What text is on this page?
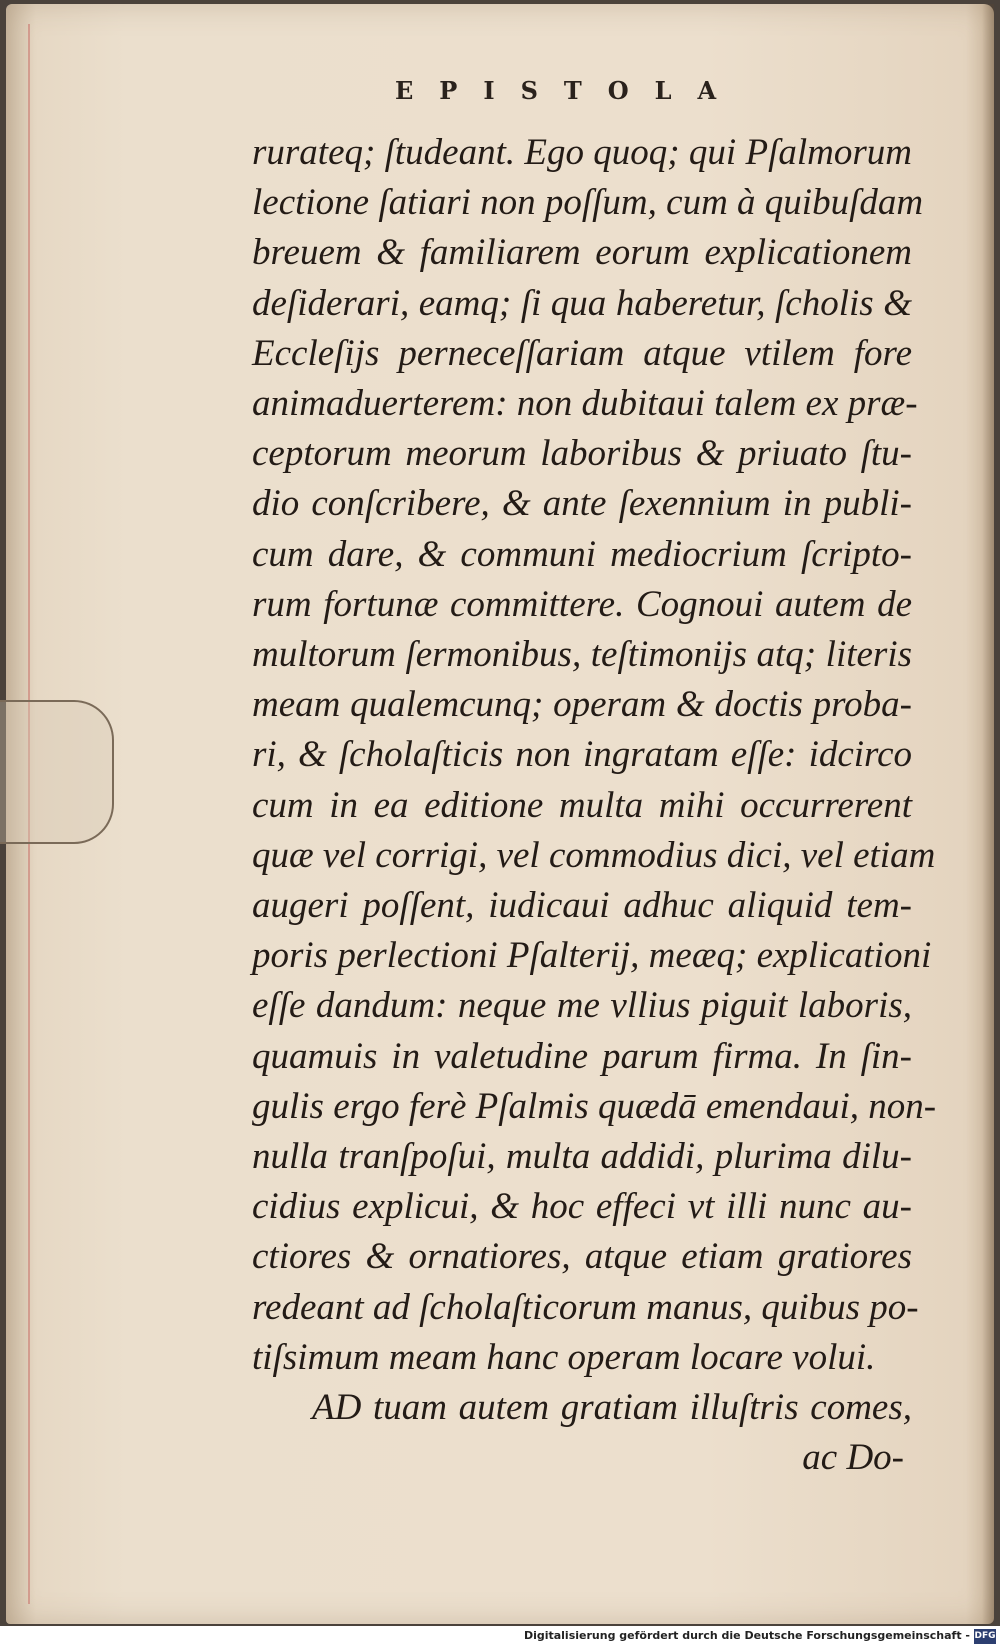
EPISTOLA
rurateq; ſtudeant. Ego quoq; qui Pſalmorum
lectione ſatiari non poſſum, cum à quibuſdam
breuem & familiarem eorum explicationem
deſiderari, eamq; ſi qua haberetur, ſcholis &
Eccleſijs perneceſſariam atque vtilem fore
animaduerterem: non dubitaui talem ex præ-
ceptorum meorum laboribus & priuato ſtu-
dio conſcribere, & ante ſexennium in publi-
cum dare, & communi mediocrium ſcripto-
rum fortunæ committere. Cognoui autem de
multorum ſermonibus, teſtimonijs atq; literis
meam qualemcunq; operam & doctis proba-
ri, & ſcholaſticis non ingratam eſſe: idcirco
cum in ea editione multa mihi occurrerent
quæ vel corrigi, vel commodius dici, vel etiam
augeri poſſent, iudicaui adhuc aliquid tem-
poris perlectioni Pſalterij, meæq; explicationi
eſſe dandum: neque me vllius piguit laboris,
quamuis in valetudine parum firma. In ſin-
gulis ergo ferè Pſalmis quædā emendaui, non-
nulla tranſpoſui, multa addidi, plurima dilu-
cidius explicui, & hoc effeci vt illi nunc au-
ctiores & ornatiores, atque etiam gratiores
redeant ad ſcholaſticorum manus, quibus po-
tiſsimum meam hanc operam locare volui.
AD tuam autem gratiam illuſtris comes,
ac Do-
Digitalisierung gefördert durch die Deutsche Forschungsgemeinschaft - DFG
